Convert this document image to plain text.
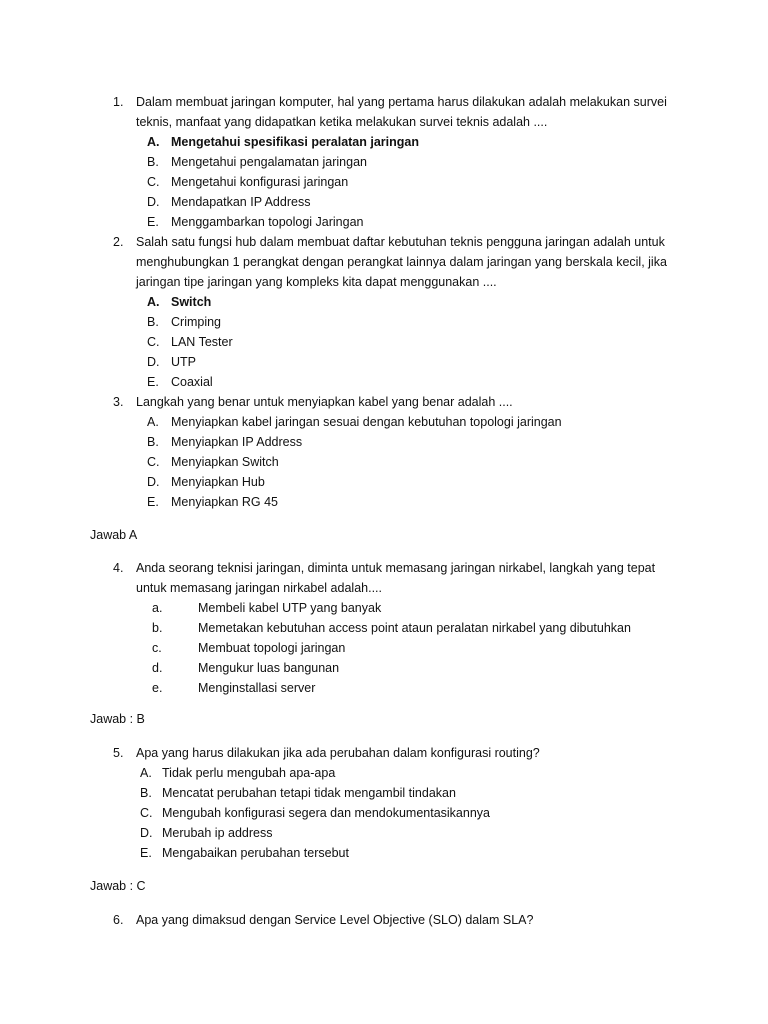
1. Dalam membuat jaringan komputer, hal yang pertama harus dilakukan adalah melakukan survei
teknis, manfaat yang didapatkan ketika melakukan survei teknis adalah ....
A. Mengetahui spesifikasi peralatan jaringan
B. Mengetahui pengalamatan jaringan
C. Mengetahui konfigurasi jaringan
D. Mendapatkan IP Address
E. Menggambarkan topologi Jaringan
2. Salah satu fungsi hub dalam membuat daftar kebutuhan teknis pengguna jaringan adalah untuk
menghubungkan 1 perangkat dengan perangkat lainnya dalam jaringan yang berskala kecil, jika
jaringan tipe jaringan yang kompleks kita dapat menggunakan ....
A. Switch
B. Crimping
C. LAN Tester
D. UTP
E. Coaxial
3. Langkah yang benar untuk menyiapkan kabel yang benar adalah ....
A. Menyiapkan kabel jaringan sesuai dengan kebutuhan topologi jaringan
B. Menyiapkan IP Address
C. Menyiapkan Switch
D. Menyiapkan Hub
E. Menyiapkan RG 45
Jawab A
4. Anda seorang teknisi jaringan, diminta untuk memasang jaringan nirkabel, langkah yang tepat
untuk memasang jaringan nirkabel adalah....
a.	Membeli kabel UTP yang banyak
b.	Memetakan kebutuhan access point ataun peralatan nirkabel yang dibutuhkan
c.	Membuat topologi jaringan
d.	Mengukur luas bangunan
e.	Menginstallasi server
Jawab : B
5. Apa yang harus dilakukan jika ada perubahan dalam konfigurasi routing?
A. Tidak perlu mengubah apa-apa
B. Mencatat perubahan tetapi tidak mengambil tindakan
C. Mengubah konfigurasi segera dan mendokumentasikannya
D. Merubah ip address
E. Mengabaikan perubahan tersebut
Jawab : C
6. Apa yang dimaksud dengan Service Level Objective (SLO) dalam SLA?
